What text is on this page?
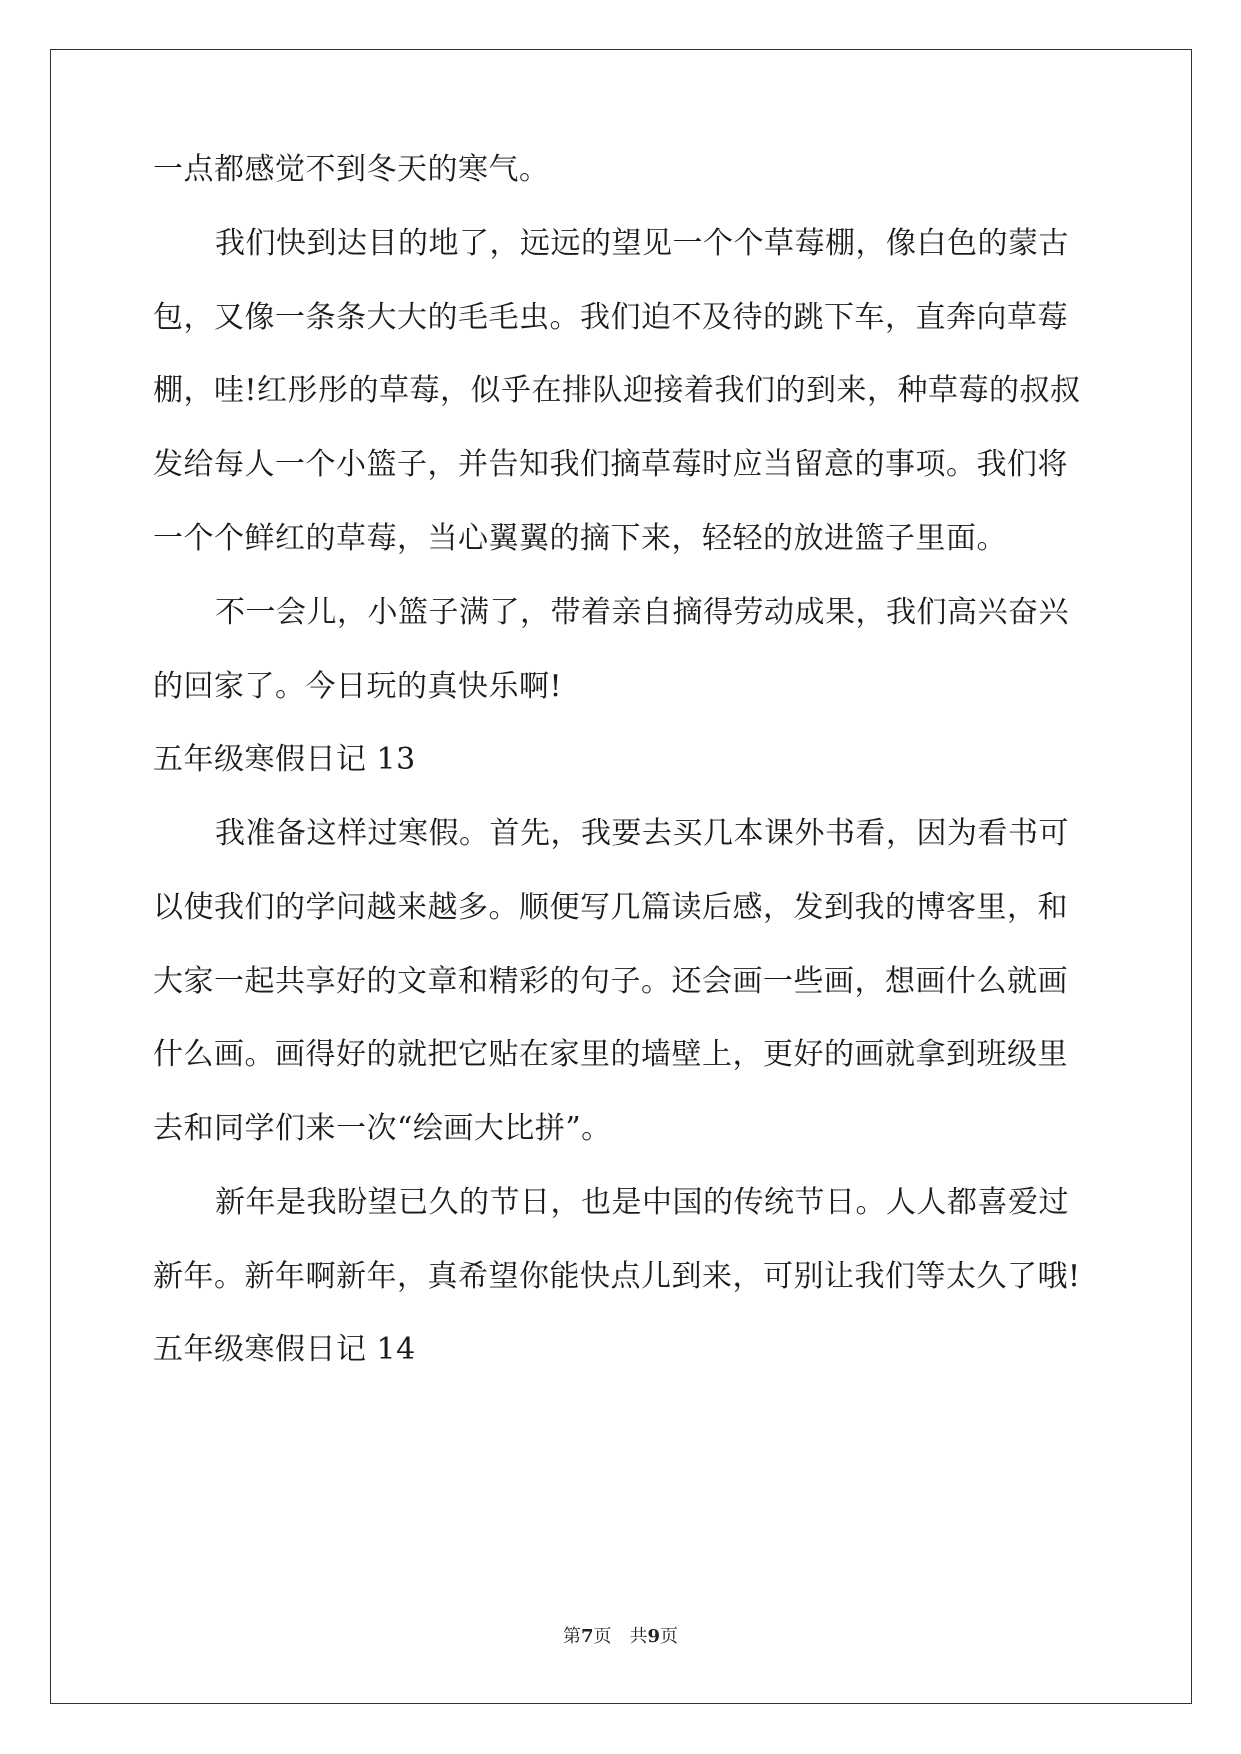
一点都感觉不到冬天的寒气。
我们快到达目的地了，远远的望见一个个草莓棚，像白色的蒙古
包，又像一条条大大的毛毛虫。我们迫不及待的跳下车，直奔向草莓
棚，哇!红彤彤的草莓，似乎在排队迎接着我们的到来，种草莓的叔叔
发给每人一个小篮子，并告知我们摘草莓时应当留意的事项。我们将
一个个鲜红的草莓，当心翼翼的摘下来，轻轻的放进篮子里面。
不一会儿，小篮子满了，带着亲自摘得劳动成果，我们高兴奋兴
的回家了。今日玩的真快乐啊!
五年级寒假日记 13
我准备这样过寒假。首先，我要去买几本课外书看，因为看书可
以使我们的学问越来越多。顺便写几篇读后感，发到我的博客里，和
大家一起共享好的文章和精彩的句子。还会画一些画，想画什么就画
什么画。画得好的就把它贴在家里的墙壁上，更好的画就拿到班级里
去和同学们来一次“绘画大比拼”。
新年是我盼望已久的节日，也是中国的传统节日。人人都喜爱过
新年。新年啊新年，真希望你能快点儿到来，可别让我们等太久了哦!
五年级寒假日记 14
第7页　共9页
